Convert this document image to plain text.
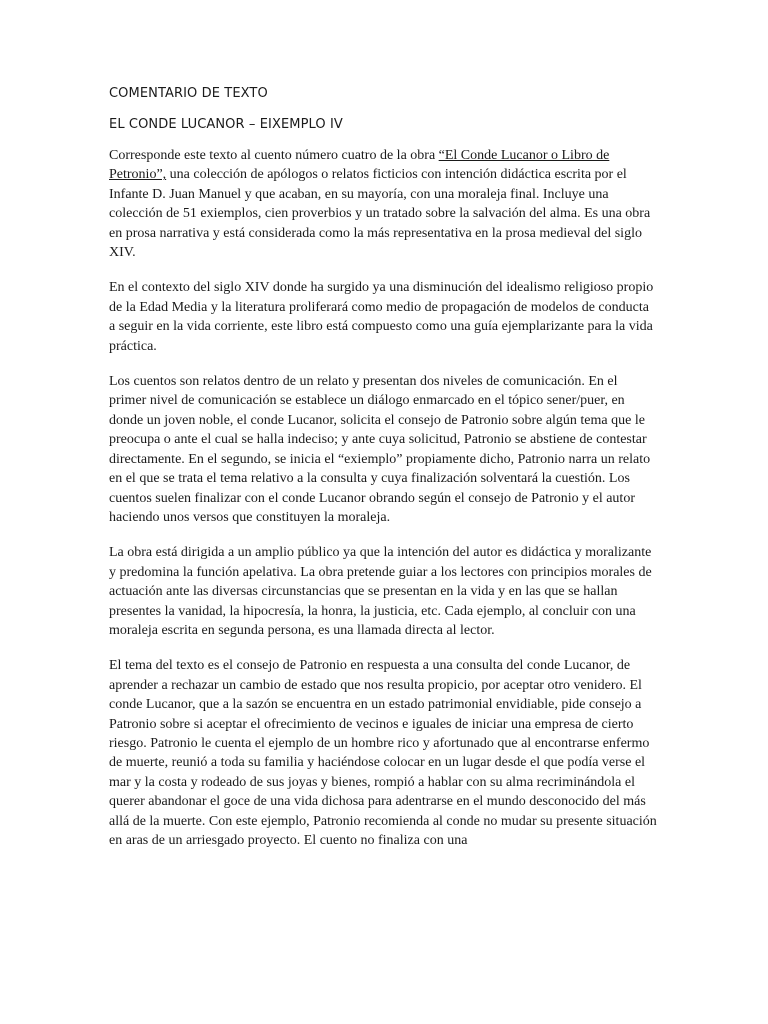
COMENTARIO DE TEXTO
EL CONDE LUCANOR – EIXEMPLO IV

Corresponde este texto al cuento número cuatro de la obra “El Conde Lucanor o Libro de Petronio”, una colección de apólogos o relatos ficticios con intención didáctica escrita por el Infante D. Juan Manuel y que acaban, en su mayoría, con una moraleja final. Incluye una colección de 51 exiemplos, cien proverbios y un tratado sobre la salvación del alma. Es una obra en prosa narrativa y está considerada como la más representativa en la prosa medieval del siglo XIV.

En el contexto del siglo XIV donde ha surgido ya una disminución del idealismo religioso propio de la Edad Media y la literatura proliferará como medio de propagación de modelos de conducta a seguir en la vida corriente, este libro está compuesto como una guía ejemplarizante para la vida práctica.

Los cuentos son relatos dentro de un relato y presentan dos niveles de comunicación. En el primer nivel de comunicación se establece un diálogo enmarcado en el tópico sener/puer, en donde un joven noble, el conde Lucanor, solicita el consejo de Patronio sobre algún tema que le preocupa o ante el cual se halla indeciso; y ante cuya solicitud, Patronio se abstiene de contestar directamente. En el segundo, se inicia el “exiemplo” propiamente dicho, Patronio narra un relato en el que se trata el tema relativo a la consulta y cuya finalización solventará la cuestión. Los cuentos suelen finalizar con el conde Lucanor obrando según el consejo de Patronio y el autor haciendo unos versos que constituyen la moraleja.

La obra está dirigida a un amplio público ya que la intención del autor es didáctica y moralizante y predomina la función apelativa. La obra pretende guiar a los lectores con principios morales de actuación ante las diversas circunstancias que se presentan en la vida y en las que se hallan presentes la vanidad, la hipocresía, la honra, la justicia, etc. Cada ejemplo, al concluir con una moraleja escrita en segunda persona, es una llamada directa al lector.

El tema del texto es el consejo de Patronio en respuesta a una consulta del conde Lucanor, de aprender a rechazar un cambio de estado que nos resulta propicio, por aceptar otro venidero. El conde Lucanor, que a la sazón se encuentra en un estado patrimonial envidiable, pide consejo a Patronio sobre si aceptar el ofrecimiento de vecinos e iguales de iniciar una empresa de cierto riesgo. Patronio le cuenta el ejemplo de un hombre rico y afortunado que al encontrarse enfermo de muerte, reunió a toda su familia y haciéndose colocar en un lugar desde el que podía verse el mar y la costa y rodeado de sus joyas y bienes, rompió a hablar con su alma recriminándola el querer abandonar el goce de una vida dichosa para adentrarse en el mundo desconocido del más allá de la muerte. Con este ejemplo, Patronio recomienda al conde no mudar su presente situación en aras de un arriesgado proyecto. El cuento no finaliza con una
